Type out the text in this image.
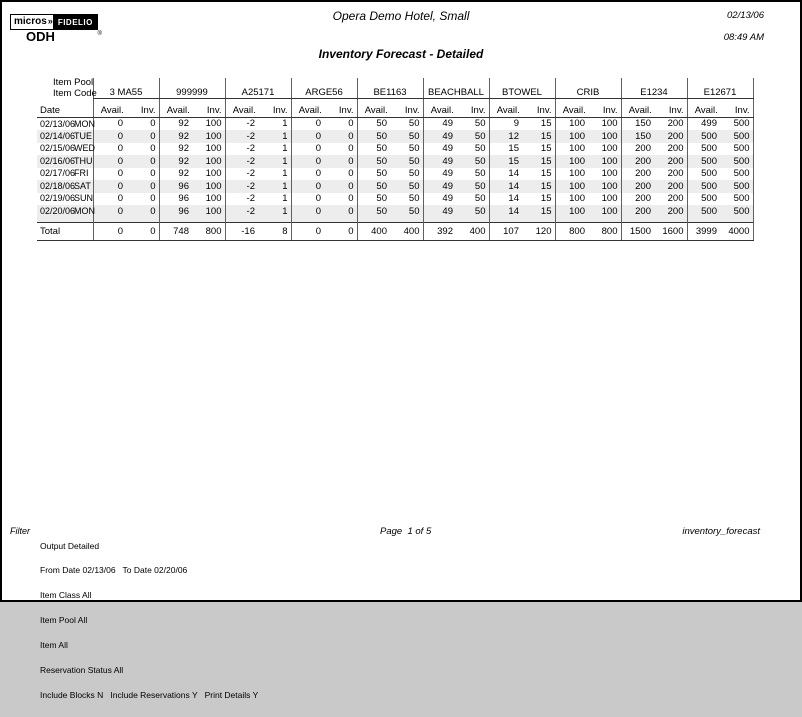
micros » FIDELIO
®
ODH
Opera Demo Hotel, Small
Inventory Forecast - Detailed
02/13/06
08:49 AM
Item Pool																				
Item Code	3 MA55		999999		A25171		ARGE56		BE1163		BEACHBALL		BTOWEL		CRIB		E1234		E12671	
Date	Avail.	Inv.	Avail.	Inv.	Avail.	Inv.	Avail.	Inv.	Avail.	Inv.	Avail.	Inv.	Avail.	Inv.	Avail.	Inv.	Avail.	Inv.	Avail.	Inv.
02/13/06MON	0	0	92	100	-2	1	0	0	50	50	49	50	9	15	100	100	150	200	499	500
02/14/06TUE	0	0	92	100	-2	1	0	0	50	50	49	50	12	15	100	100	150	200	500	500
02/15/06WED	0	0	92	100	-2	1	0	0	50	50	49	50	15	15	100	100	200	200	500	500
02/16/06THU	0	0	92	100	-2	1	0	0	50	50	49	50	15	15	100	100	200	200	500	500
02/17/06FRI	0	0	92	100	-2	1	0	0	50	50	49	50	14	15	100	100	200	200	500	500
02/18/06SAT	0	0	96	100	-2	1	0	0	50	50	49	50	14	15	100	100	200	200	500	500
02/19/06SUN	0	0	96	100	-2	1	0	0	50	50	49	50	14	15	100	100	200	200	500	500
02/20/06MON	0	0	96	100	-2	1	0	0	50	50	49	50	14	15	100	100	200	200	500	500

Total	0	0	748	800	-16	8	0	0	400	400	392	400	107	120	800	800	1500	1600	3999	4000
Filter

Output Detailed

From Date 02/13/06   To Date 02/20/06

Item Class All

Item Pool All

Item All

Reservation Status All

Include Blocks N   Include Reservations Y   Print Details Y

Page  1 of 5	inventory_forecast
